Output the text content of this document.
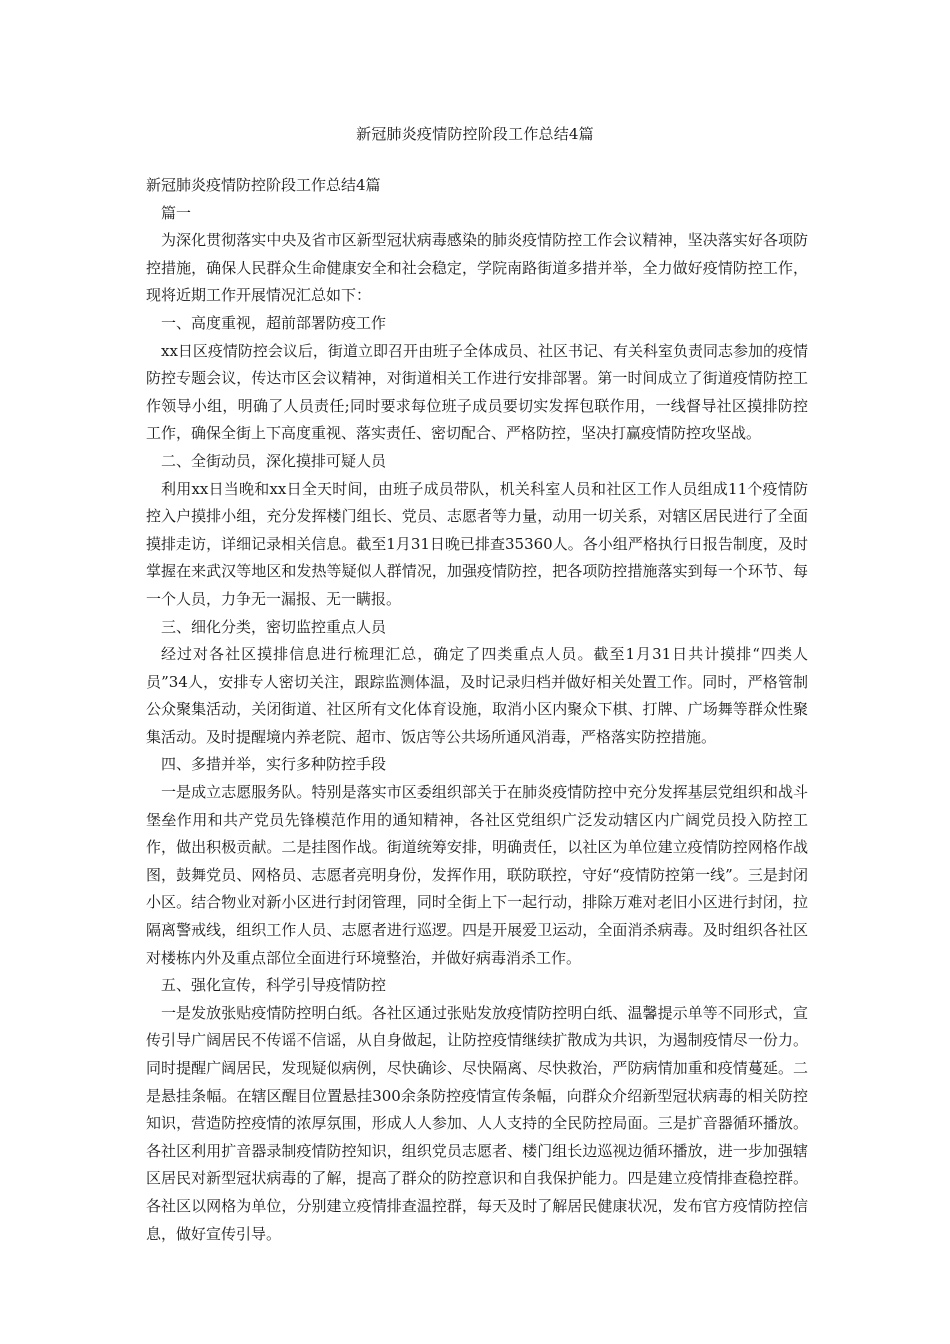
新冠肺炎疫情防控阶段工作总结4篇

新冠肺炎疫情防控阶段工作总结4篇

篇一

为深化贯彻落实中央及省市区新型冠状病毒感染的肺炎疫情防控工作会议精神，坚决落实好各项防控措施，确保人民群众生命健康安全和社会稳定，学院南路街道多措并举，全力做好疫情防控工作，现将近期工作开展情况汇总如下：

一、高度重视，超前部署防疫工作

xx日区疫情防控会议后，街道立即召开由班子全体成员、社区书记、有关科室负责同志参加的疫情防控专题会议，传达市区会议精神，对街道相关工作进行安排部署。第一时间成立了街道疫情防控工作领导小组，明确了人员责任;同时要求每位班子成员要切实发挥包联作用，一线督导社区摸排防控工作，确保全街上下高度重视、落实责任、密切配合、严格防控，坚决打赢疫情防控攻坚战。

二、全街动员，深化摸排可疑人员

利用xx日当晚和xx日全天时间，由班子成员带队，机关科室人员和社区工作人员组成11个疫情防控入户摸排小组，充分发挥楼门组长、党员、志愿者等力量，动用一切关系，对辖区居民进行了全面摸排走访，详细记录相关信息。截至1月31日晚已排查35360人。各小组严格执行日报告制度，及时掌握在来武汉等地区和发热等疑似人群情况，加强疫情防控，把各项防控措施落实到每一个环节、每一个人员，力争无一漏报、无一瞒报。

三、细化分类，密切监控重点人员

经过对各社区摸排信息进行梳理汇总，确定了四类重点人员。截至1月31日共计摸排“四类人员”34人，安排专人密切关注，跟踪监测体温，及时记录归档并做好相关处置工作。同时，严格管制公众聚集活动，关闭街道、社区所有文化体育设施，取消小区内聚众下棋、打牌、广场舞等群众性聚集活动。及时提醒境内养老院、超市、饭店等公共场所通风消毒，严格落实防控措施。

四、多措并举，实行多种防控手段

一是成立志愿服务队。特别是落实市区委组织部关于在肺炎疫情防控中充分发挥基层党组织和战斗堡垒作用和共产党员先锋模范作用的通知精神，各社区党组织广泛发动辖区内广阔党员投入防控工作，做出积极贡献。二是挂图作战。街道统筹安排，明确责任，以社区为单位建立疫情防控网格作战图，鼓舞党员、网格员、志愿者亮明身份，发挥作用，联防联控，守好“疫情防控第一线”。三是封闭小区。结合物业对新小区进行封闭管理，同时全街上下一起行动，排除万难对老旧小区进行封闭，拉隔离警戒线，组织工作人员、志愿者进行巡逻。四是开展爱卫运动，全面消杀病毒。及时组织各社区对楼栋内外及重点部位全面进行环境整治，并做好病毒消杀工作。

五、强化宣传，科学引导疫情防控

一是发放张贴疫情防控明白纸。各社区通过张贴发放疫情防控明白纸、温馨提示单等不同形式，宣传引导广阔居民不传谣不信谣，从自身做起，让防控疫情继续扩散成为共识，为遏制疫情尽一份力。同时提醒广阔居民，发现疑似病例，尽快确诊、尽快隔离、尽快救治，严防病情加重和疫情蔓延。二是悬挂条幅。在辖区醒目位置悬挂300余条防控疫情宣传条幅，向群众介绍新型冠状病毒的相关防控知识，营造防控疫情的浓厚氛围，形成人人参加、人人支持的全民防控局面。三是扩音器循环播放。各社区利用扩音器录制疫情防控知识，组织党员志愿者、楼门组长边巡视边循环播放，进一步加强辖区居民对新型冠状病毒的了解，提高了群众的防控意识和自我保护能力。四是建立疫情排查稳控群。各社区以网格为单位，分别建立疫情排查温控群，每天及时了解居民健康状况，发布官方疫情防控信息，做好宣传引导。
